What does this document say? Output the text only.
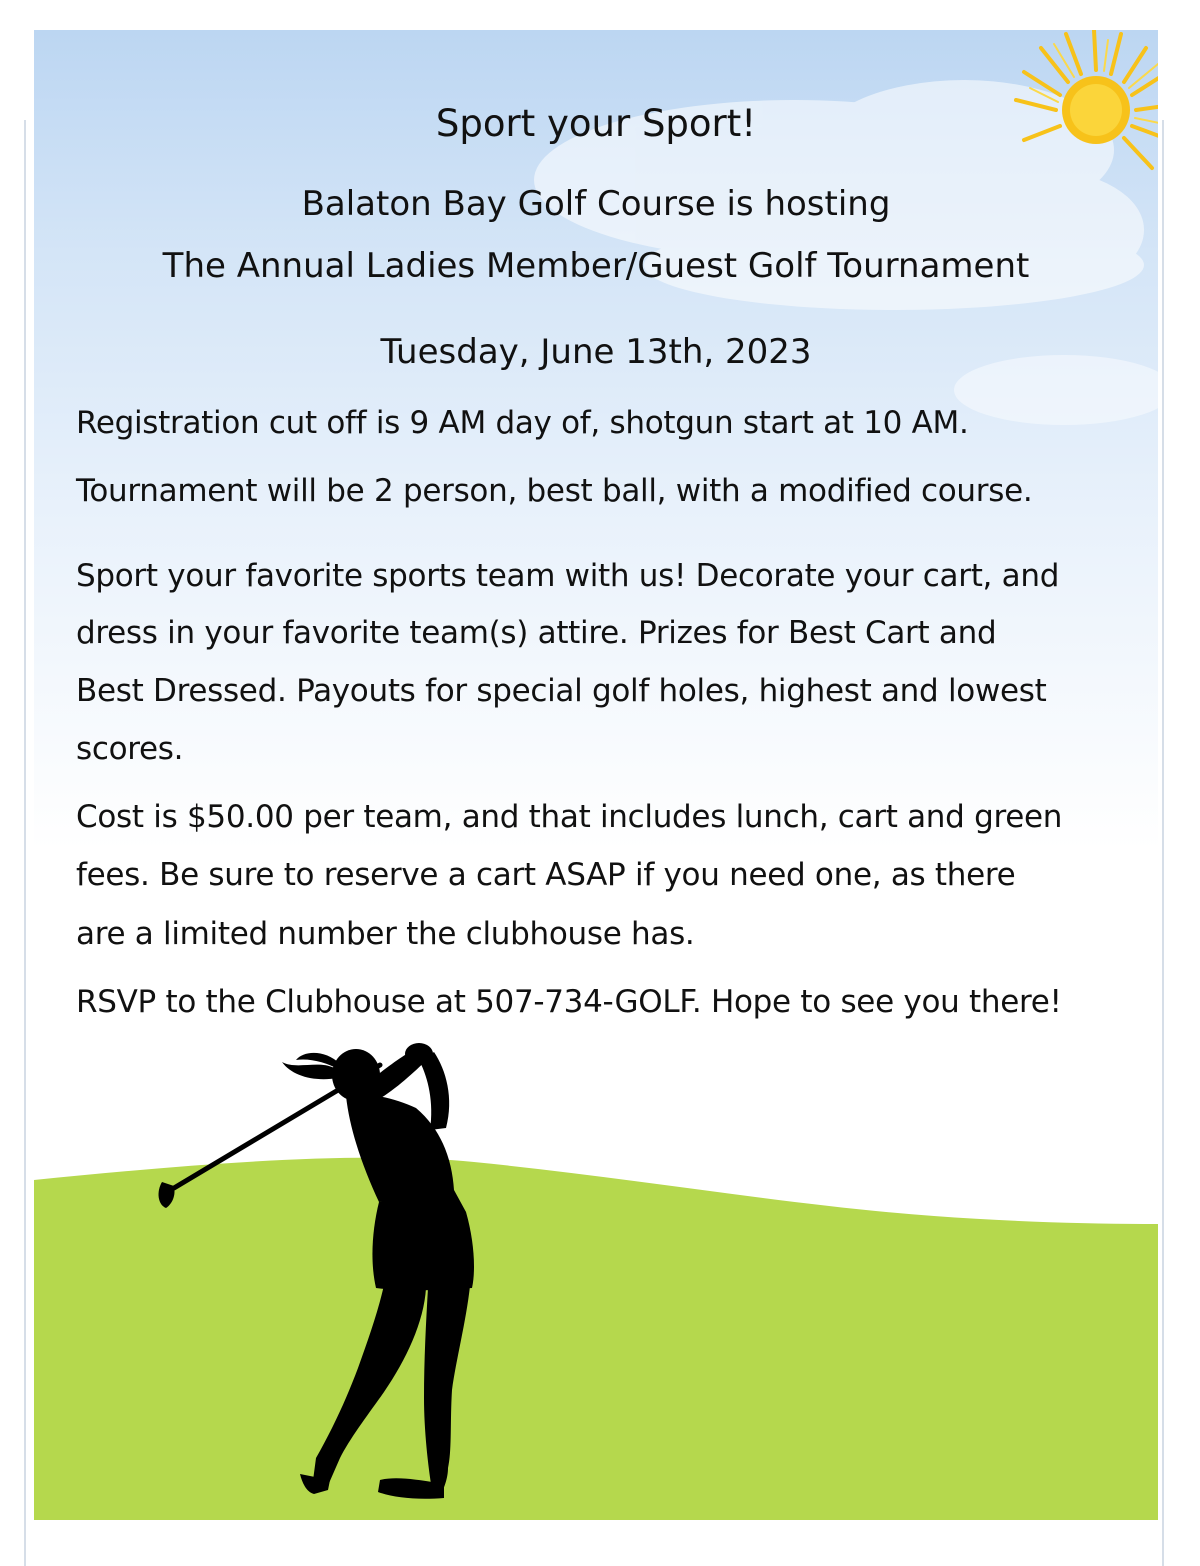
Sport your Sport!

Balaton Bay Golf Course is hosting

The Annual Ladies Member/Guest Golf Tournament

Tuesday, June 13th, 2023

Registration cut off is 9 AM day of, shotgun start at 10 AM.

Tournament will be 2 person, best ball, with a modified course.

Sport your favorite sports team with us! Decorate your cart, and

dress in your favorite team(s) attire. Prizes for Best Cart and

Best Dressed. Payouts for special golf holes, highest and lowest

scores.

Cost is $50.00 per team, and that includes lunch, cart and green

fees. Be sure to reserve a cart ASAP if you need one, as there

are a limited number the clubhouse has.

RSVP to the Clubhouse at 507-734-GOLF. Hope to see you there!
